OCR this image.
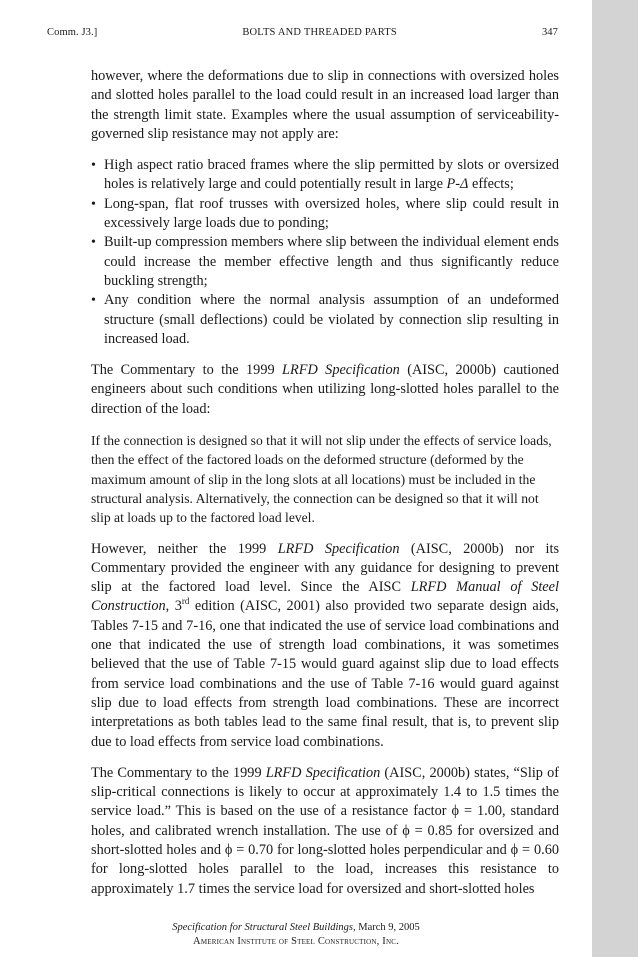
Comm. J3.]	BOLTS AND THREADED PARTS	347

however, where the deformations due to slip in connections with oversized holes and slotted holes parallel to the load could result in an increased load larger than the strength limit state. Examples where the usual assumption of serviceability-governed slip resistance may not apply are:

• High aspect ratio braced frames where the slip permitted by slots or oversized holes is relatively large and could potentially result in large P-Δ effects;
• Long-span, flat roof trusses with oversized holes, where slip could result in excessively large loads due to ponding;
• Built-up compression members where slip between the individual element ends could increase the member effective length and thus significantly reduce buckling strength;
• Any condition where the normal analysis assumption of an undeformed structure (small deflections) could be violated by connection slip resulting in increased load.

The Commentary to the 1999 LRFD Specification (AISC, 2000b) cautioned engineers about such conditions when utilizing long-slotted holes parallel to the direction of the load:

If the connection is designed so that it will not slip under the effects of service loads, then the effect of the factored loads on the deformed structure (deformed by the maximum amount of slip in the long slots at all locations) must be included in the structural analysis. Alternatively, the connection can be designed so that it will not slip at loads up to the factored load level.

However, neither the 1999 LRFD Specification (AISC, 2000b) nor its Commentary provided the engineer with any guidance for designing to prevent slip at the factored load level. Since the AISC LRFD Manual of Steel Construction, 3rd edition (AISC, 2001) also provided two separate design aids, Tables 7-15 and 7-16, one that indicated the use of service load combinations and one that indicated the use of strength load combinations, it was sometimes believed that the use of Table 7-15 would guard against slip due to load effects from service load combinations and the use of Table 7-16 would guard against slip due to load effects from strength load combinations. These are incorrect interpretations as both tables lead to the same final result, that is, to prevent slip due to load effects from service load combinations.

The Commentary to the 1999 LRFD Specification (AISC, 2000b) states, “Slip of slip-critical connections is likely to occur at approximately 1.4 to 1.5 times the service load.” This is based on the use of a resistance factor ϕ = 1.00, standard holes, and calibrated wrench installation. The use of ϕ = 0.85 for oversized and short-slotted holes and ϕ = 0.70 for long-slotted holes perpendicular and ϕ = 0.60 for long-slotted holes parallel to the load, increases this resistance to approximately 1.7 times the service load for oversized and short-slotted holes

Specification for Structural Steel Buildings, March 9, 2005
American Institute of Steel Construction, Inc.
